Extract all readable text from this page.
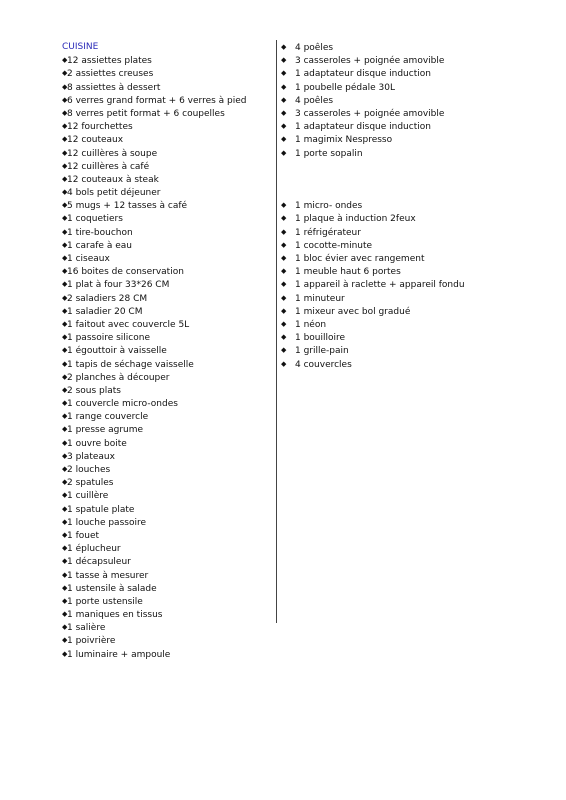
CUISINE
◆12 assiettes plates
◆2 assiettes creuses
◆8 assiettes à dessert
◆6 verres grand format + 6 verres à pied
◆8 verres petit format + 6 coupelles
◆12 fourchettes
◆12 couteaux
◆12 cuillères à soupe
◆12 cuillères à café
◆12 couteaux à steak
◆4 bols petit déjeuner
◆5 mugs + 12 tasses à café
◆1 coquetiers
◆1 tire-bouchon
◆1 carafe à eau
◆1 ciseaux
◆16 boites de conservation
◆1 plat à four 33*26 CM
◆2 saladiers 28 CM
◆1 saladier 20 CM
◆1 faitout avec couvercle 5L
◆1 passoire silicone
◆1 égouttoir à vaisselle
◆1 tapis de séchage vaisselle
◆2 planches à découper
◆2 sous plats
◆1 couvercle micro-ondes
◆1 range couvercle
◆1 presse agrume
◆1 ouvre boite
◆3 plateaux
◆2 louches
◆2 spatules
◆1 cuillère
◆1 spatule plate
◆1 louche passoire
◆1 fouet
◆1 éplucheur
◆1 décapsuleur
◆1 tasse à mesurer
◆1 ustensile à salade
◆1 porte ustensile
◆1 maniques en tissus
◆1 salière
◆1 poivrière
◆1 luminaire + ampoule
◆ 4 poêles
◆ 3 casseroles + poignée amovible
◆ 1 adaptateur disque induction
◆ 1 poubelle pédale 30L
◆ 4 poêles
◆ 3 casseroles + poignée amovible
◆ 1 adaptateur disque induction
◆ 1 magimix Nespresso
◆ 1 porte sopalin
◆ 1 micro- ondes
◆ 1 plaque à induction 2feux
◆ 1 réfrigérateur
◆ 1 cocotte-minute
◆ 1 bloc évier avec rangement
◆ 1 meuble haut 6 portes
◆ 1 appareil à raclette + appareil fondu
◆ 1 minuteur
◆ 1 mixeur avec bol gradué
◆ 1 néon
◆ 1 bouilloire
◆ 1 grille-pain
◆ 4 couvercles
